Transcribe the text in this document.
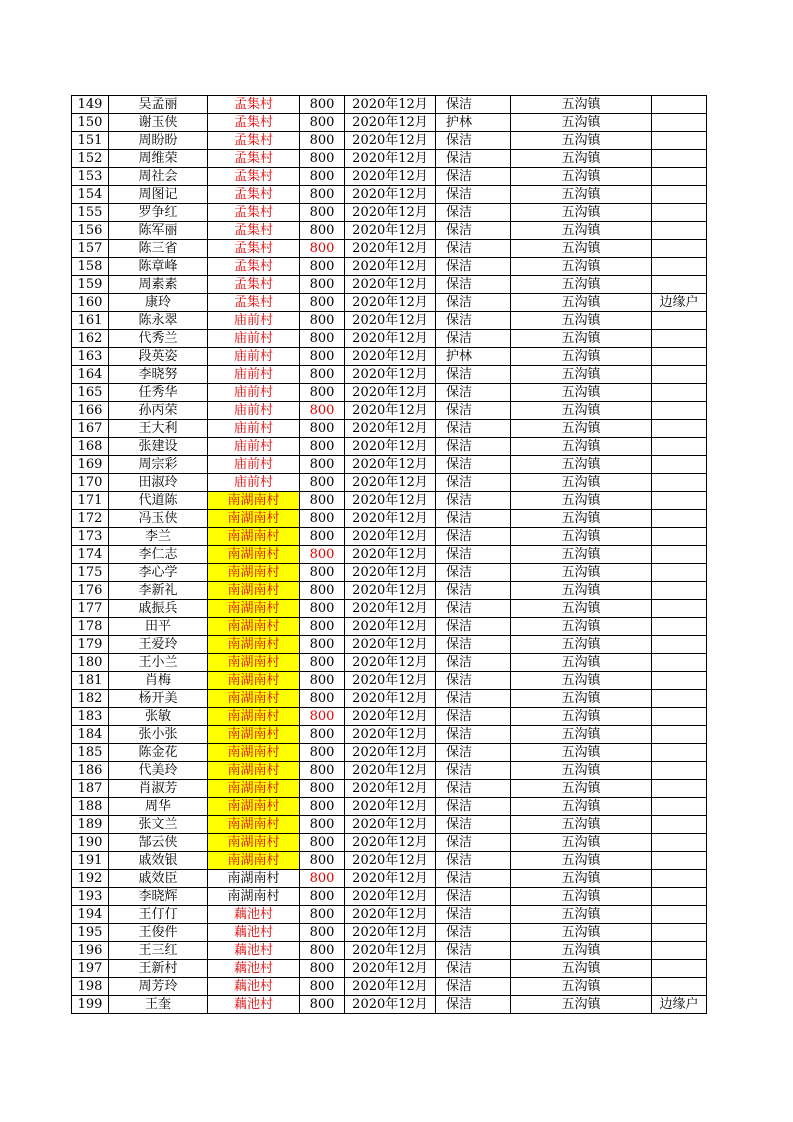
149	吴孟丽	孟集村	800	2020年12月	保洁	五沟镇	
150	谢玉侠	孟集村	800	2020年12月	护林	五沟镇	
151	周盼盼	孟集村	800	2020年12月	保洁	五沟镇	
152	周维荣	孟集村	800	2020年12月	保洁	五沟镇	
153	周社会	孟集村	800	2020年12月	保洁	五沟镇	
154	周图记	孟集村	800	2020年12月	保洁	五沟镇	
155	罗争红	孟集村	800	2020年12月	保洁	五沟镇	
156	陈军丽	孟集村	800	2020年12月	保洁	五沟镇	
157	陈三省	孟集村	800	2020年12月	保洁	五沟镇	
158	陈章峰	孟集村	800	2020年12月	保洁	五沟镇	
159	周素素	孟集村	800	2020年12月	保洁	五沟镇	
160	康玲	孟集村	800	2020年12月	保洁	五沟镇	边缘户
161	陈永翠	庙前村	800	2020年12月	保洁	五沟镇	
162	代秀兰	庙前村	800	2020年12月	保洁	五沟镇	
163	段英姿	庙前村	800	2020年12月	护林	五沟镇	
164	李晓努	庙前村	800	2020年12月	保洁	五沟镇	
165	任秀华	庙前村	800	2020年12月	保洁	五沟镇	
166	孙丙荣	庙前村	800	2020年12月	保洁	五沟镇	
167	王大利	庙前村	800	2020年12月	保洁	五沟镇	
168	张建设	庙前村	800	2020年12月	保洁	五沟镇	
169	周宗彩	庙前村	800	2020年12月	保洁	五沟镇	
170	田淑玲	庙前村	800	2020年12月	保洁	五沟镇	
171	代道陈	南湖南村	800	2020年12月	保洁	五沟镇	
172	冯玉侠	南湖南村	800	2020年12月	保洁	五沟镇	
173	李兰	南湖南村	800	2020年12月	保洁	五沟镇	
174	李仁志	南湖南村	800	2020年12月	保洁	五沟镇	
175	李心学	南湖南村	800	2020年12月	保洁	五沟镇	
176	李新礼	南湖南村	800	2020年12月	保洁	五沟镇	
177	戚振兵	南湖南村	800	2020年12月	保洁	五沟镇	
178	田平	南湖南村	800	2020年12月	保洁	五沟镇	
179	王爱玲	南湖南村	800	2020年12月	保洁	五沟镇	
180	王小兰	南湖南村	800	2020年12月	保洁	五沟镇	
181	肖梅	南湖南村	800	2020年12月	保洁	五沟镇	
182	杨开美	南湖南村	800	2020年12月	保洁	五沟镇	
183	张敏	南湖南村	800	2020年12月	保洁	五沟镇	
184	张小张	南湖南村	800	2020年12月	保洁	五沟镇	
185	陈金花	南湖南村	800	2020年12月	保洁	五沟镇	
186	代美玲	南湖南村	800	2020年12月	保洁	五沟镇	
187	肖淑芳	南湖南村	800	2020年12月	保洁	五沟镇	
188	周华	南湖南村	800	2020年12月	保洁	五沟镇	
189	张文兰	南湖南村	800	2020年12月	保洁	五沟镇	
190	郜云侠	南湖南村	800	2020年12月	保洁	五沟镇	
191	戚效银	南湖南村	800	2020年12月	保洁	五沟镇	
192	戚效臣	南湖南村	800	2020年12月	保洁	五沟镇	
193	李晓辉	南湖南村	800	2020年12月	保洁	五沟镇	
194	王仃仃	藕池村	800	2020年12月	保洁	五沟镇	
195	王俊件	藕池村	800	2020年12月	保洁	五沟镇	
196	王三红	藕池村	800	2020年12月	保洁	五沟镇	
197	王新村	藕池村	800	2020年12月	保洁	五沟镇	
198	周芳玲	藕池村	800	2020年12月	保洁	五沟镇	
199	王奎	藕池村	800	2020年12月	保洁	五沟镇	边缘户
